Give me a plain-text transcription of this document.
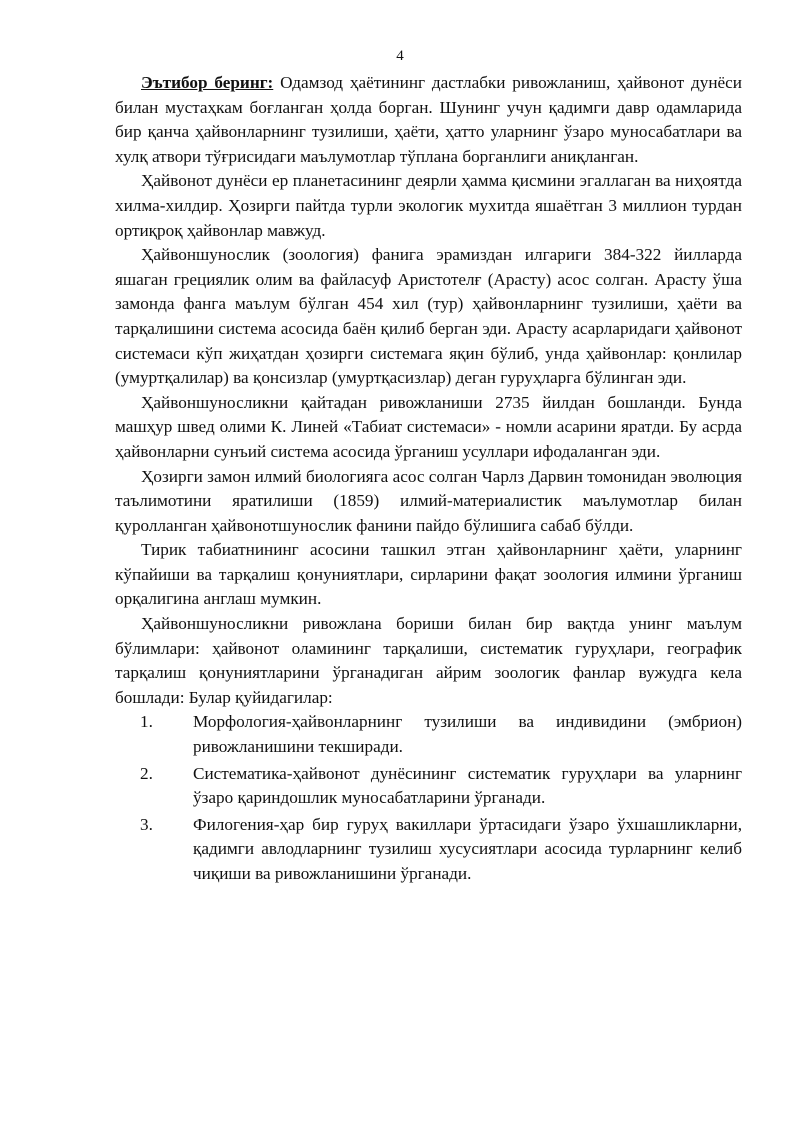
4

Эътибор беринг: Одамзод ҳаётининг дастлабки ривожланиш, ҳайвонот дунёси билан мустаҳкам боғланган ҳолда борган. Шунинг учун қадимги давр одамларида бир қанча ҳайвонларнинг тузилиши, ҳаёти, ҳатто уларнинг ўзаро муносабатлари ва хулқ атвори тўғрисидаги маълумотлар тўплана борганлиги аниқланган.

Ҳайвонот дунёси ер планетасининг деярли ҳамма қисмини эгаллаган ва ниҳоятда хилма-хилдир. Ҳозирги пайтда турли экологик мухитда яшаётган 3 миллион турдан ортиқроқ ҳайвонлар мавжуд.

Ҳайвоншунослик (зоология) фанига эрамиздан илгариги 384-322 йилларда яшаган грециялик олим ва файласуф Аристотелғ (Арасту) асос солган. Арасту ўша замонда фанга маълум бўлган 454 хил (тур) ҳайвонларнинг тузилиши, ҳаёти ва тарқалишини система асосида баён қилиб берган эди. Арасту асарларидаги ҳайвонот системаси кўп жиҳатдан ҳозирги системага яқин бўлиб, унда ҳайвонлар: қонлилар (умуртқалилар) ва қонсизлар (умуртқасизлар) деган гуруҳларга бўлинган эди.

Ҳайвоншуносликни қайтадан ривожланиши 2735 йилдан бошланди. Бунда машҳур швед олими К. Линей «Табиат системаси» - номли асарини яратди. Бу асрда ҳайвонларни сунъий система асосида ўрганиш усуллари ифодаланган эди.

Ҳозирги замон илмий биологияга асос солган Чарлз Дарвин томонидан эволюция таълимотини яратилиши (1859) илмий-материалистик маълумотлар билан қуролланган ҳайвонотшунослик фанини пайдо бўлишига сабаб бўлди.

Тирик табиатнининг асосини ташкил этган ҳайвонларнинг ҳаёти, уларнинг кўпайиши ва тарқалиш қонуниятлари, сирларини фақат зоология илмини ўрганиш орқалигина англаш мумкин.

Ҳайвоншуносликни ривожлана бориши билан бир вақтда унинг маълум бўлимлари: ҳайвонот оламининг тарқалиши, систематик гуруҳлари, географик тарқалиш қонуниятларини ўрганадиган айрим зоологик фанлар вужудга кела бошлади: Булар қуйидагилар:

1. Морфология-ҳайвонларнинг тузилиши ва индивидини (эмбрион) ривожланишини текширади.
2. Систематика-ҳайвонот дунёсининг систематик гуруҳлари ва уларнинг ўзаро қариндошлик муносабатларини ўрганади.
3. Филогения-ҳар бир гуруҳ вакиллари ўртасидаги ўзаро ўхшашликларни, қадимги авлодларнинг тузилиш хусусиятлари асосида турларнинг келиб чиқиши ва ривожланишини ўрганади.
